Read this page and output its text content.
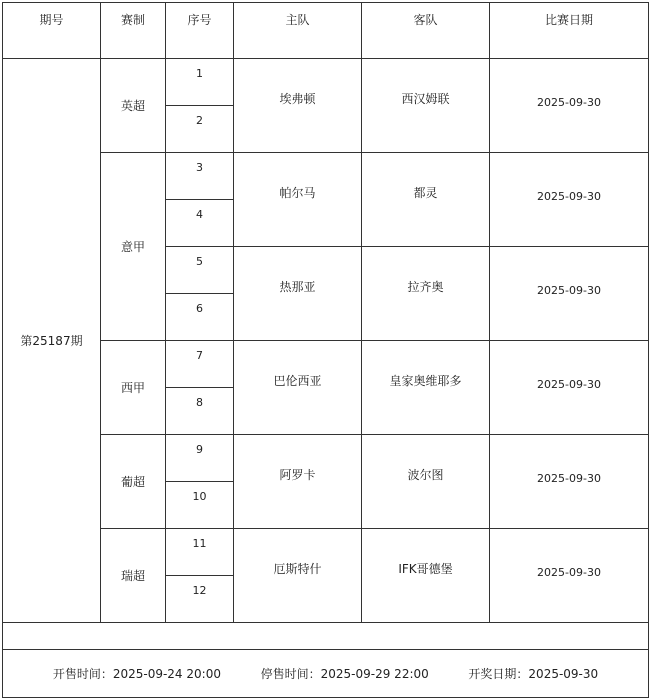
期号	赛制	序号	主队	客队	比赛日期
第25187期	英超	1	埃弗顿	西汉姆联	2025-09-30
		2			
	意甲	3	帕尔马	都灵	2025-09-30
		4			
		5	热那亚	拉齐奥	2025-09-30
		6			
	西甲	7	巴伦西亚	皇家奥维耶多	2025-09-30
		8			
	葡超	9	阿罗卡	波尔图	2025-09-30
		10			
	瑞超	11	厄斯特什	IFK哥德堡	2025-09-30
		12			

开售时间：2025-09-24 20:00 停售时间：2025-09-29 22:00 开奖日期：2025-09-30					
